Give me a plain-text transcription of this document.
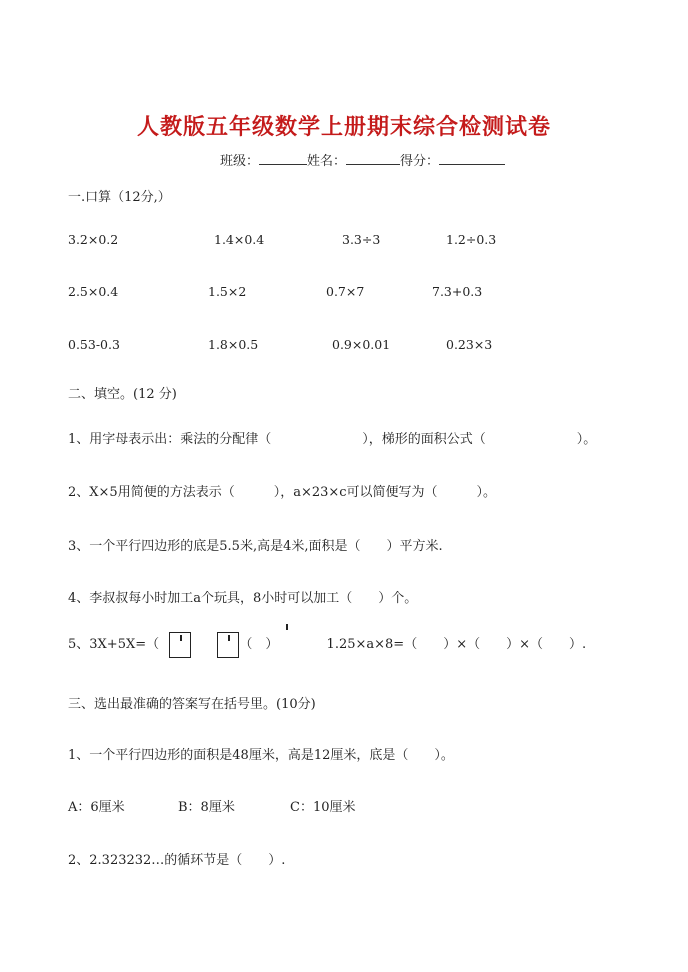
人教版五年级数学上册期末综合检测试卷
班级：	姓名：	得分：
一.口算（12分,）
3.2×0.2	1.4×0.4	3.3÷3	1.2÷0.3
2.5×0.4	1.5×2	0.7×7	7.3+0.3
0.53-0.3	1.8×0.5	0.9×0.01	0.23×3
二、填空。(12 分)
1、用字母表示出：乘法的分配律（　　　　　　　），梯形的面积公式（　　　　　　　）。
2、X×5用简便的方法表示（　　　），a×23×c可以简便写为（　　　）。
3、一个平行四边形的底是5.5米,高是4米,面积是（　　）平方米.
4、李叔叔每小时加工a个玩具，8小时可以加工（　　）个。
5、3X+5X=（
	（　）	1.25×a×8=（　　）×（　　）×（　　）.
三、选出最准确的答案写在括号里。(10分)
1、一个平行四边形的面积是48厘米，高是12厘米，底是（　　）。
A：6厘米	B：8厘米	C：10厘米
2、2.323232…的循环节是（　　）.
